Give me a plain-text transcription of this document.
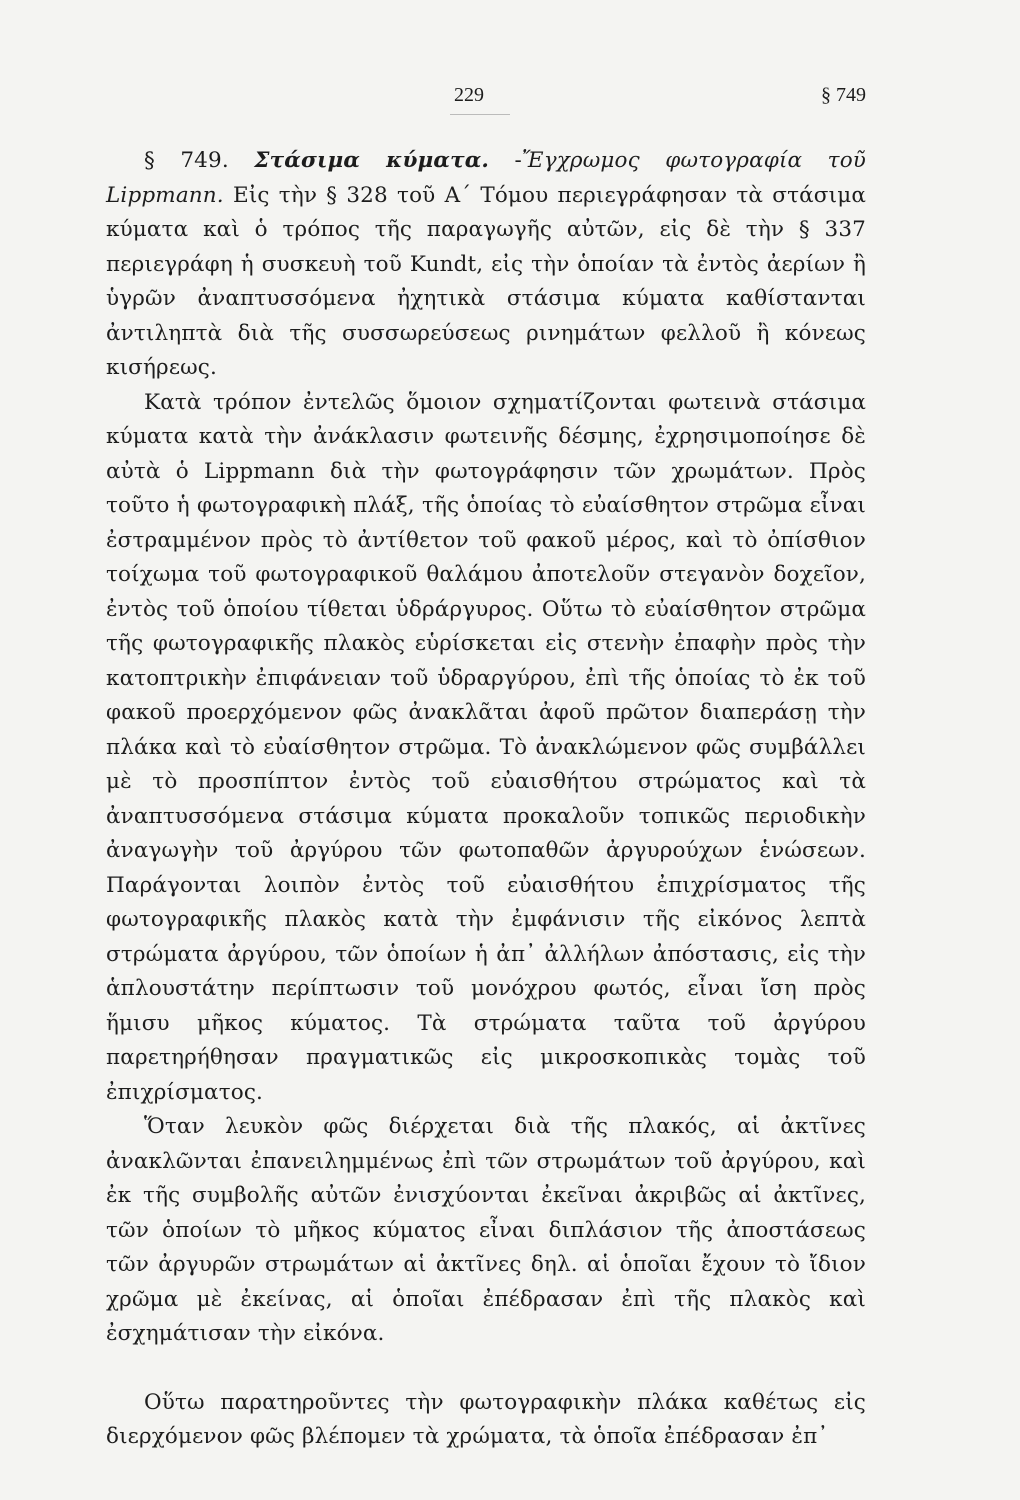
229	§ 749

§ 749. Στάσιμα κύματα. -Ἔγχρωμος φωτογραφία τοῦ Lippmann. Εἰς τὴν § 328 τοῦ Α΄ Τόμου περιεγράφησαν τὰ στάσιμα κύματα καὶ ὁ τρόπος τῆς παραγωγῆς αὐτῶν, εἰς δὲ τὴν § 337 περιεγράφη ἡ συσκευὴ τοῦ Kundt, εἰς τὴν ὁποίαν τὰ ἐντὸς ἀερίων ἢ ὑγρῶν ἀναπτυσσόμενα ἠχητικὰ στάσιμα κύματα καθίστανται ἀντιληπτὰ διὰ τῆς συσσωρεύσεως ρινημάτων φελλοῦ ἢ κόνεως κισήρεως.

Κατὰ τρόπον ἐντελῶς ὅμοιον σχηματίζονται φωτεινὰ στάσιμα κύματα κατὰ τὴν ἀνάκλασιν φωτεινῆς δέσμης, ἐχρησιμοποίησε δὲ αὐτὰ ὁ Lippmann διὰ τὴν φωτογράφησιν τῶν χρωμάτων. Πρὸς τοῦτο ἡ φωτογραφικὴ πλάξ, τῆς ὁποίας τὸ εὐαίσθητον στρῶμα εἶναι ἐστραμμένον πρὸς τὸ ἀντίθετον τοῦ φακοῦ μέρος, καὶ τὸ ὀπίσθιον τοίχωμα τοῦ φωτογραφικοῦ θαλάμου ἀποτελοῦν στεγανὸν δοχεῖον, ἐντὸς τοῦ ὁποίου τίθεται ὑδράργυρος. Οὕτω τὸ εὐαίσθητον στρῶμα τῆς φωτογραφικῆς πλακὸς εὑρίσκεται εἰς στενὴν ἐπαφὴν πρὸς τὴν κατοπτρικὴν ἐπιφάνειαν τοῦ ὑδραργύρου, ἐπὶ τῆς ὁποίας τὸ ἐκ τοῦ φακοῦ προερχόμενον φῶς ἀνακλᾶται ἀφοῦ πρῶτον διαπεράσῃ τὴν πλάκα καὶ τὸ εὐαίσθητον στρῶμα. Τὸ ἀνακλώμενον φῶς συμβάλλει μὲ τὸ προσπίπτον ἐντὸς τοῦ εὐαισθήτου στρώματος καὶ τὰ ἀναπτυσσόμενα στάσιμα κύματα προκαλοῦν τοπικῶς περιοδικὴν ἀναγωγὴν τοῦ ἀργύρου τῶν φωτοπαθῶν ἀργυρούχων ἑνώσεων. Παράγονται λοιπὸν ἐντὸς τοῦ εὐαισθήτου ἐπιχρίσματος τῆς φωτογραφικῆς πλακὸς κατὰ τὴν ἐμφάνισιν τῆς εἰκόνος λεπτὰ στρώματα ἀργύρου, τῶν ὁποίων ἡ ἀπ᾽ ἀλλήλων ἀπόστασις, εἰς τὴν ἁπλουστάτην περίπτωσιν τοῦ μονόχρου φωτός, εἶναι ἴση πρὸς ἥμισυ μῆκος κύματος. Τὰ στρώματα ταῦτα τοῦ ἀργύρου παρετηρήθησαν πραγματικῶς εἰς μικροσκοπικὰς τομὰς τοῦ ἐπιχρίσματος.

Ὅταν λευκὸν φῶς διέρχεται διὰ τῆς πλακός, αἱ ἀκτῖνες ἀνακλῶνται ἐπανειλημμένως ἐπὶ τῶν στρωμάτων τοῦ ἀργύρου, καὶ ἐκ τῆς συμβολῆς αὐτῶν ἐνισχύονται ἐκεῖναι ἀκριβῶς αἱ ἀκτῖνες, τῶν ὁποίων τὸ μῆκος κύματος εἶναι διπλάσιον τῆς ἀποστάσεως τῶν ἀργυρῶν στρωμάτων αἱ ἀκτῖνες δηλ. αἱ ὁποῖαι ἔχουν τὸ ἴδιον χρῶμα μὲ ἐκείνας, αἱ ὁποῖαι ἐπέδρασαν ἐπὶ τῆς πλακὸς καὶ ἐσχημάτισαν τὴν εἰκόνα.

Οὕτω παρατηροῦντες τὴν φωτογραφικὴν πλάκα καθέτως εἰς διερχόμενον φῶς βλέπομεν τὰ χρώματα, τὰ ὁποῖα ἐπέδρασαν ἐπ᾽
